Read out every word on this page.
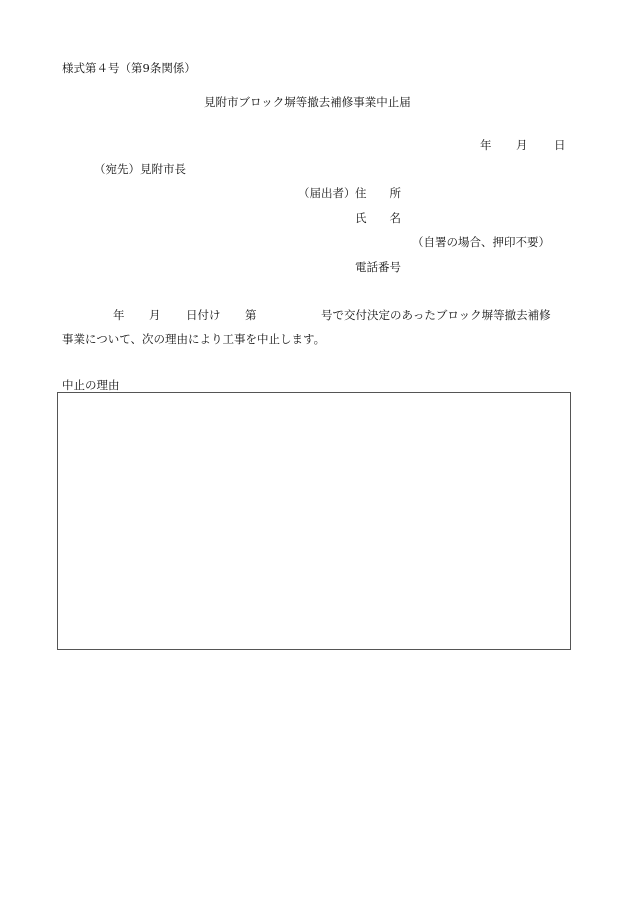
様式第４号（第9条関係）
見附市ブロック塀等撤去補修事業中止届
年 月 日
（宛先）見附市長
（届出者） 住　　所
氏　　名
（自署の場合、押印不要）
電話番号
年 月 日付け 第	号で交付決定のあったブロック塀等撤去補修
事業について、次の理由により工事を中止します。
中止の理由
